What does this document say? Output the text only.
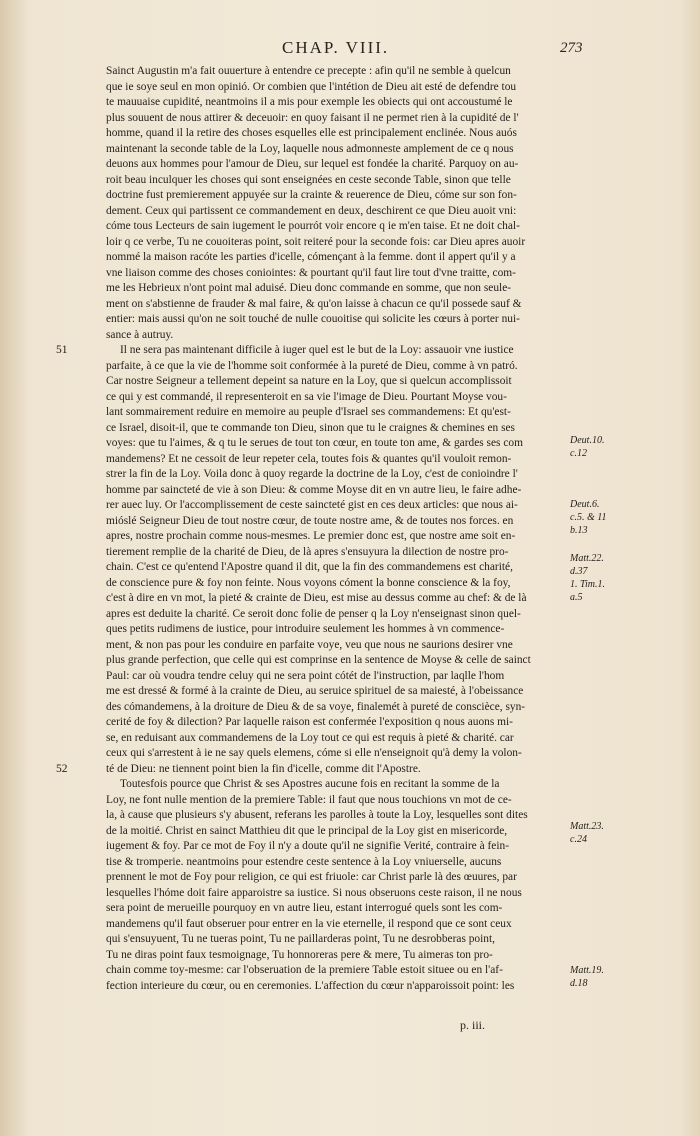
CHAP. VIII.	273
51
52
Sainct Augustin m'a fait ouuerture à entendre ce precepte : afin qu'il ne semble à quelcun
que ie soye seul en mon opinió. Or combien que l'intétion de Dieu ait esté de defendre tou
te mauuaise cupidité, neantmoins il a mis pour exemple les obiects qui ont accoustumé le
plus souuent de nous attirer & deceuoir: en quoy faisant il ne permet rien à la cupidité de l'
homme, quand il la retire des choses esquelles elle est principalement enclinée. Nous auós
maintenant la seconde table de la Loy, laquelle nous admonneste amplement de ce q nous
deuons aux hommes pour l'amour de Dieu, sur lequel est fondée la charité. Parquoy on au-
roit beau inculquer les choses qui sont enseignées en ceste seconde Table, sinon que telle
doctrine fust premierement appuyée sur la crainte & reuerence de Dieu, cóme sur son fon-
dement. Ceux qui partissent ce commandement en deux, deschirent ce que Dieu auoit vni:
cóme tous Lecteurs de sain iugement le pourrót voir encore q ie m'en taise. Et ne doit chal-
loir q ce verbe, Tu ne couoiteras point, soit reiteré pour la seconde fois: car Dieu apres auoir
nommé la maison racóte les parties d'icelle, cómençant à la femme. dont il appert qu'il y a
vne liaison comme des choses coniointes: & pourtant qu'il faut lire tout d'vne traitte, com-
me les Hebrieux n'ont point mal aduisé. Dieu donc commande en somme, que non seule-
ment on s'abstienne de frauder & mal faire, & qu'on laisse à chacun ce qu'il possede sauf &
entier: mais aussi qu'on ne soit touché de nulle couoitise qui solicite les cœurs à porter nui-
sance à autruy.
Il ne sera pas maintenant difficile à iuger quel est le but de la Loy: assauoir vne iustice
parfaite, à ce que la vie de l'homme soit conformée à la pureté de Dieu, comme à vn patró.
Car nostre Seigneur a tellement depeint sa nature en la Loy, que si quelcun accomplissoit
ce qui y est commandé, il representeroit en sa vie l'image de Dieu. Pourtant Moyse vou-
lant sommairement reduire en memoire au peuple d'Israel ses commandemens: Et qu'est-
ce Israel, disoit-il, que te commande ton Dieu, sinon que tu le craignes & chemines en ses
voyes: que tu l'aimes, & q tu le serues de tout ton cœur, en toute ton ame, & gardes ses com
mandemens? Et ne cessoit de leur repeter cela, toutes fois & quantes qu'il vouloit remon-
strer la fin de la Loy. Voila donc à quoy regarde la doctrine de la Loy, c'est de conioindre l'
homme par saincteté de vie à son Dieu: & comme Moyse dit en vn autre lieu, le faire adhe-
rer auec luy. Or l'accomplissement de ceste saincteté gist en ces deux articles: que nous ai-
mióslé Seigneur Dieu de tout nostre cœur, de toute nostre ame, & de toutes nos forces. en
apres, nostre prochain comme nous-mesmes. Le premier donc est, que nostre ame soit en-
tierement remplie de la charité de Dieu, de là apres s'ensuyura la dilection de nostre pro-
chain. C'est ce qu'entend l'Apostre quand il dit, que la fin des commandemens est charité,
de conscience pure & foy non feinte. Nous voyons cóment la bonne conscience & la foy,
c'est à dire en vn mot, la pieté & crainte de Dieu, est mise au dessus comme au chef: & de là
apres est deduite la charité. Ce seroit donc folie de penser q la Loy n'enseignast sinon quel-
ques petits rudimens de iustice, pour introduire seulement les hommes à vn commence-
ment, & non pas pour les conduire en parfaite voye, veu que nous ne saurions desirer vne
plus grande perfection, que celle qui est comprinse en la sentence de Moyse & celle de sainct
Paul: car où voudra tendre celuy qui ne sera point cótét de l'instruction, par laqlle l'hom
me est dressé & formé à la crainte de Dieu, au seruice spirituel de sa maiesté, à l'obeissance
des cómandemens, à la droiture de Dieu & de sa voye, finalemét à pureté de conscièce, syn-
cerité de foy & dilection? Par laquelle raison est confermée l'exposition q nous auons mi-
se, en reduisant aux commandemens de la Loy tout ce qui est requis à pieté & charité. car
ceux qui s'arrestent à ie ne say quels elemens, cóme si elle n'enseignoit qu'à demy la volon-
té de Dieu: ne tiennent point bien la fin d'icelle, comme dit l'Apostre.
Toutesfois pource que Christ & ses Apostres aucune fois en recitant la somme de la
Loy, ne font nulle mention de la premiere Table: il faut que nous touchions vn mot de ce-
la, à cause que plusieurs s'y abusent, referans les parolles à toute la Loy, lesquelles sont dites
de la moitié. Christ en sainct Matthieu dit que le principal de la Loy gist en misericorde,
iugement & foy. Par ce mot de Foy il n'y a doute qu'il ne signifie Verité, contraire à fein-
tise & tromperie. neantmoins pour estendre ceste sentence à la Loy vniuerselle, aucuns
prennent le mot de Foy pour religion, ce qui est friuole: car Christ parle là des œuures, par
lesquelles l'hóme doit faire apparoistre sa iustice. Si nous obseruons ceste raison, il ne nous
sera point de merueille pourquoy en vn autre lieu, estant interrogué quels sont les com-
mandemens qu'il faut obseruer pour entrer en la vie eternelle, il respond que ce sont ceux
qui s'ensuyuent, Tu ne tueras point, Tu ne paillarderas point, Tu ne desrobberas point,
Tu ne diras point faux tesmoignage, Tu honnoreras pere & mere, Tu aimeras ton pro-
chain comme toy-mesme: car l'obseruation de la premiere Table estoit situee ou en l'af-
fection interieure du cœur, ou en ceremonies. L'affection du cœur n'apparoissoit point: les
Deut.10.
c.12
Deut.6.
c.5. & 11
b.13
Matt.22.
d.37
1. Tim.1.
a.5
Matt.23.
c.24
Matt.19.
d.18
p. iii.
